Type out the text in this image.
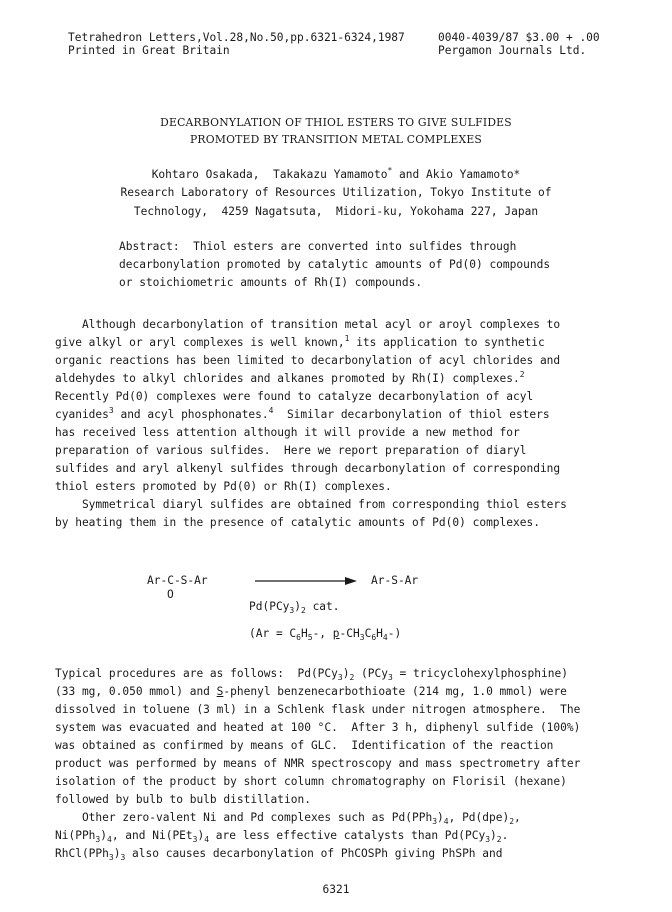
Tetrahedron Letters,Vol.28,No.50,pp.6321-6324,1987	0040-4039/87 $3.00 + .00
Printed in Great Britain	Pergamon Journals Ltd.
DECARBONYLATION OF THIOL ESTERS TO GIVE SULFIDES
PROMOTED BY TRANSITION METAL COMPLEXES
Kohtaro Osakada, Takakazu Yamamoto* and Akio Yamamoto*
Research Laboratory of Resources Utilization, Tokyo Institute of
Technology,  4259 Nagatsuta,  Midori-ku, Yokohama 227, Japan
Abstract:  Thiol esters are converted into sulfides through
decarbonylation promoted by catalytic amounts of Pd(0) compounds
or stoichiometric amounts of Rh(I) compounds.
Although decarbonylation of transition metal acyl or aroyl complexes to
give alkyl or aryl complexes is well known,$^1$ its application to synthetic
organic reactions has been limited to decarbonylation of acyl chlorides and
aldehydes to alkyl chlorides and alkanes promoted by Rh(I) complexes.$^2$
Recently Pd(0) complexes were found to catalyze decarbonylation of acyl
cyanides$^3$ and acyl phosphonates.$^4$  Similar decarbonylation of thiol esters
has received less attention although it will provide a new method for
preparation of various sulfides.  Here we report preparation of diaryl
sulfides and aryl alkenyl sulfides through decarbonylation of corresponding
thiol esters promoted by Pd(0) or Rh(I) complexes.
Symmetrical diaryl sulfides are obtained from corresponding thiol esters
by heating them in the presence of catalytic amounts of Pd(0) complexes.
Ar-C-S-Ar
O
Ar-S-Ar
$Pd(PCy_3)_2$ cat.
($Ar = C_6H_5-$, $p-CH_3C_6H_4-$)
Typical procedures are as follows:  $Pd(PCy_3)_2$ (PCy$_3$ = tricyclohexylphosphine)
(33 mg, 0.050 mmol) and S-phenyl benzenecarbothioate (214 mg, 1.0 mmol) were
dissolved in toluene (3 ml) in a Schlenk flask under nitrogen atmosphere.  The
system was evacuated and heated at 100 °C.  After 3 h, diphenyl sulfide (100%)
was obtained as confirmed by means of GLC.  Identification of the reaction
product was performed by means of NMR spectroscopy and mass spectrometry after
isolation of the product by short column chromatography on Florisil (hexane)
followed by bulb to bulb distillation.
Other zero-valent Ni and Pd complexes such as $Pd(PPh_3)_4$, $Pd(dpe)_2$,
$Ni(PPh_3)_4$, and $Ni(PEt_3)_4$ are less effective catalysts than $Pd(PCy_3)_2$.
$RhCl(PPh_3)_3$ also causes decarbonylation of PhCOSPh giving PhSPh and
6321
